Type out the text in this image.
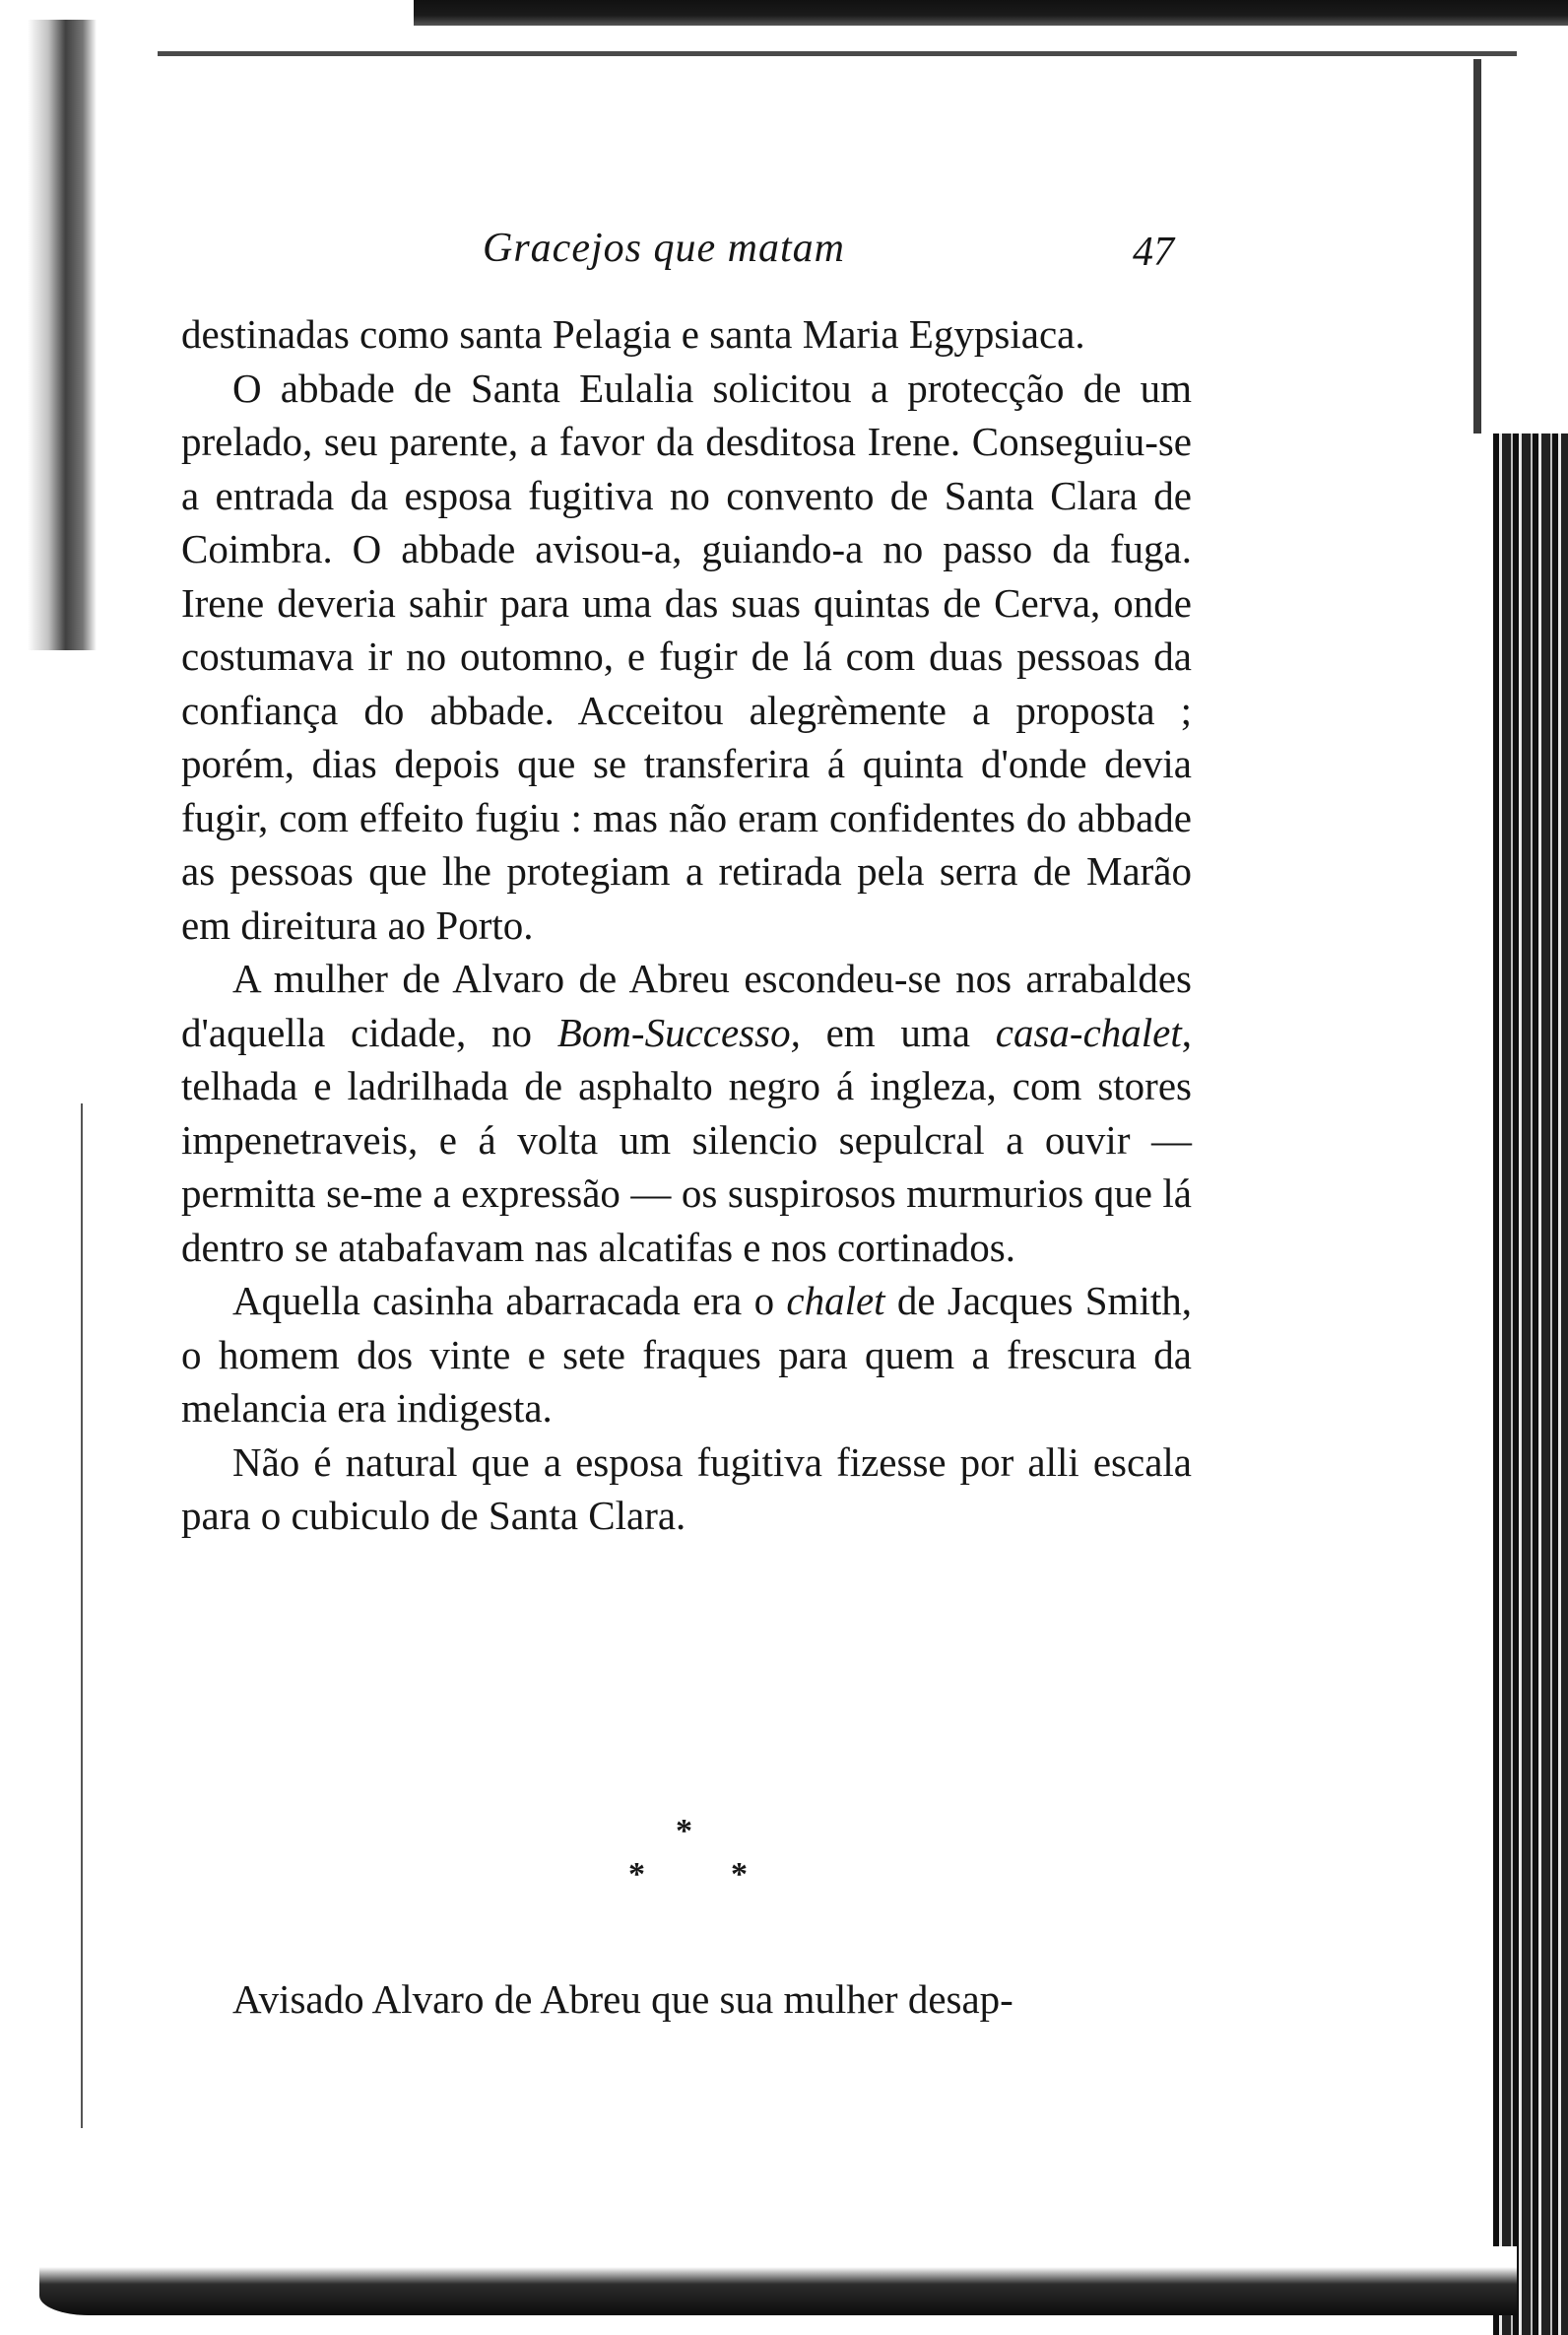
Gracejos que matam	47

destinadas como santa Pelagia e santa Maria Egypsiaca.

O abbade de Santa Eulalia solicitou a protecção de um prelado, seu parente, a favor da desditosa Irene. Conseguiu-se a entrada da esposa fugitiva no convento de Santa Clara de Coimbra. O abbade avisou-a, guiando-a no passo da fuga. Irene deveria sahir para uma das suas quintas de Cerva, onde costumava ir no outomno, e fugir de lá com duas pessoas da confiança do abbade. Acceitou alegrèmente a proposta ; porém, dias depois que se transferira á quinta d'onde devia fugir, com effeito fugiu : mas não eram confidentes do abbade as pessoas que lhe protegiam a retirada pela serra de Marão em direitura ao Porto.

A mulher de Alvaro de Abreu escondeu-se nos arrabaldes d'aquella cidade, no Bom-Successo, em uma casa-chalet, telhada e ladrilhada de asphalto negro á ingleza, com stores impenetraveis, e á volta um silencio sepulcral a ouvir — permitta se-me a expressão — os suspirosos murmurios que lá dentro se atabafavam nas alcatifas e nos cortinados.

Aquella casinha abarracada era o chalet de Jacques Smith, o homem dos vinte e sete fraques para quem a frescura da melancia era indigesta.

Não é natural que a esposa fugitiva fizesse por alli escala para o cubiculo de Santa Clara.

*
*	*
Avisado Alvaro de Abreu que sua mulher desap-
